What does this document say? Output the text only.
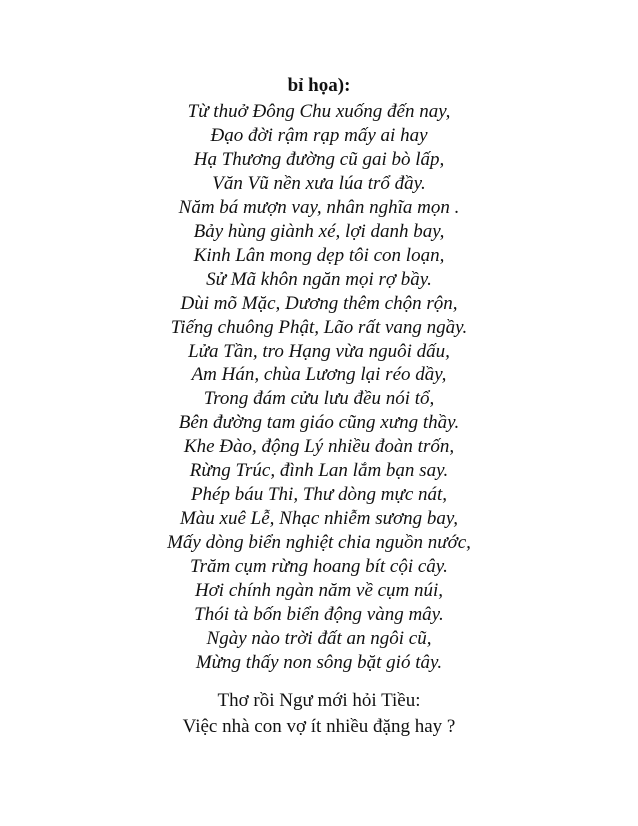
bỉ họa):
Từ thuở Đông Chu xuống đến nay,
Đạo đời rậm rạp mấy ai hay
Hạ Thương đường cũ gai bò lấp,
Văn Vũ nền xưa lúa trổ đầy.
Năm bá mượn vay, nhân nghĩa mọn .
Bảy hùng giành xé, lợi danh bay,
Kinh Lân mong dẹp tôi con loạn,
Sử Mã khôn ngăn mọi rợ bầy.
Dùi mõ Mặc, Dương thêm chộn rộn,
Tiếng chuông Phật, Lão rất vang ngầy.
Lửa Tần, tro Hạng vừa nguôi dấu,
Am Hán, chùa Lương lại réo dầy,
Trong đám cửu lưu đều nói tổ,
Bên đường tam giáo cũng xưng thầy.
Khe Đào, động Lý nhiều đoàn trốn,
Rừng Trúc, đình Lan lắm bạn say.
Phép báu Thi, Thư dòng mực nát,
Màu xuê Lễ, Nhạc nhiễm sương bay,
Mấy dòng biển nghiệt chia nguồn nước,
Trăm cụm rừng hoang bít cội cây.
Hơi chính ngàn năm về cụm núi,
Thói tà bốn biển động vàng mây.
Ngày nào trời đất an ngôi cũ,
Mừng thấy non sông bặt gió tây.
Thơ rồi Ngư mới hỏi Tiều:
Việc nhà con vợ ít nhiều đặng hay ?
